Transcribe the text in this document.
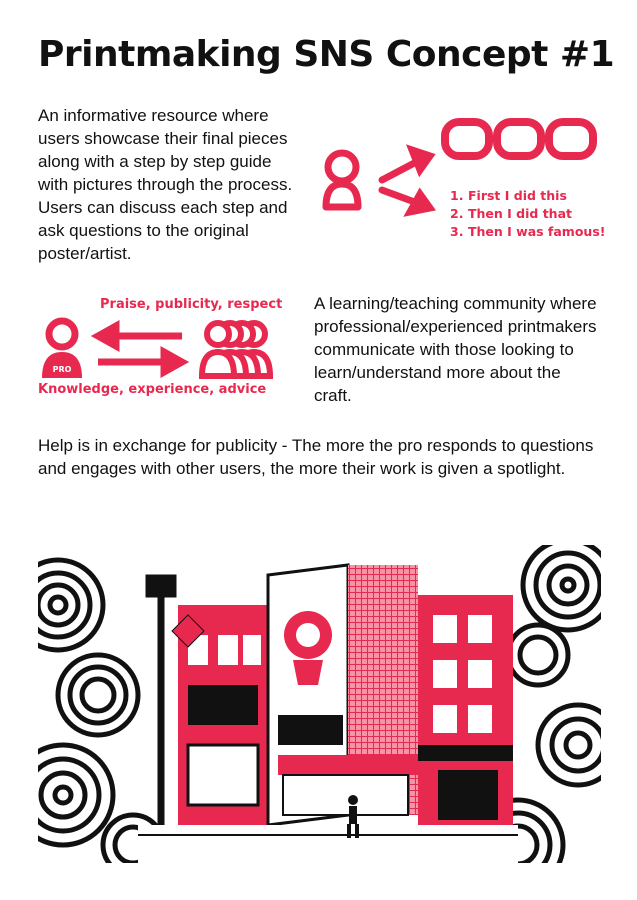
Printmaking SNS Concept #1
An informative resource where users showcase their final pieces along with a step by step guide with pictures through the process. Users can discuss each step and ask questions to the original poster/artist.
1. First I did this
2. Then I did that
3. Then I was famous!
Praise, publicity, respect
PRO
Knowledge, experience, advice
A learning/teaching community where professional/experienced printmakers communicate with those looking to learn/understand more about the craft.
Help is in exchange for publicity - The more the pro responds to questions and engages with other users, the more their work is given a spotlight.
